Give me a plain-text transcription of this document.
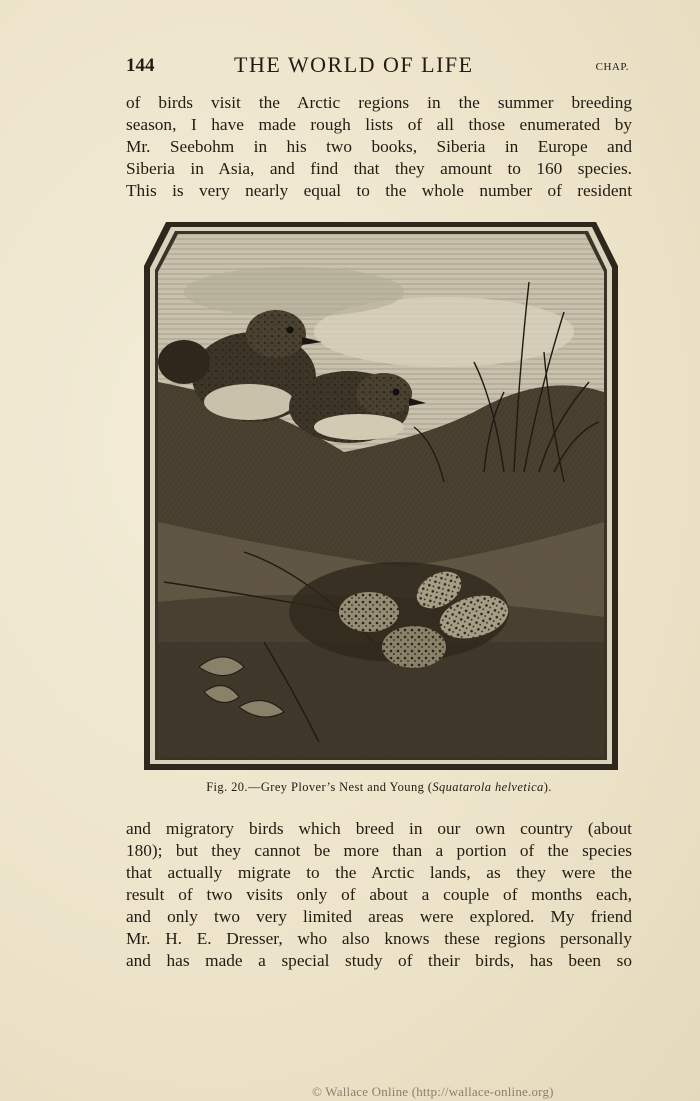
144	THE WORLD OF LIFE	CHAP.
of birds visit the Arctic regions in the summer breeding
season, I have made rough lists of all those enumerated by
Mr. Seebohm in his two books, Siberia in Europe and
Siberia in Asia, and find that they amount to 160 species.
This is very nearly equal to the whole number of resident
Fig. 20.—Grey Plover’s Nest and Young (Squatarola helvetica).
and migratory birds which breed in our own country (about
180); but they cannot be more than a portion of the species
that actually migrate to the Arctic lands, as they were the
result of two visits only of about a couple of months each,
and only two very limited areas were explored. My friend
Mr. H. E. Dresser, who also knows these regions personally
and has made a special study of their birds, has been so
© Wallace Online (http://wallace-online.org)
